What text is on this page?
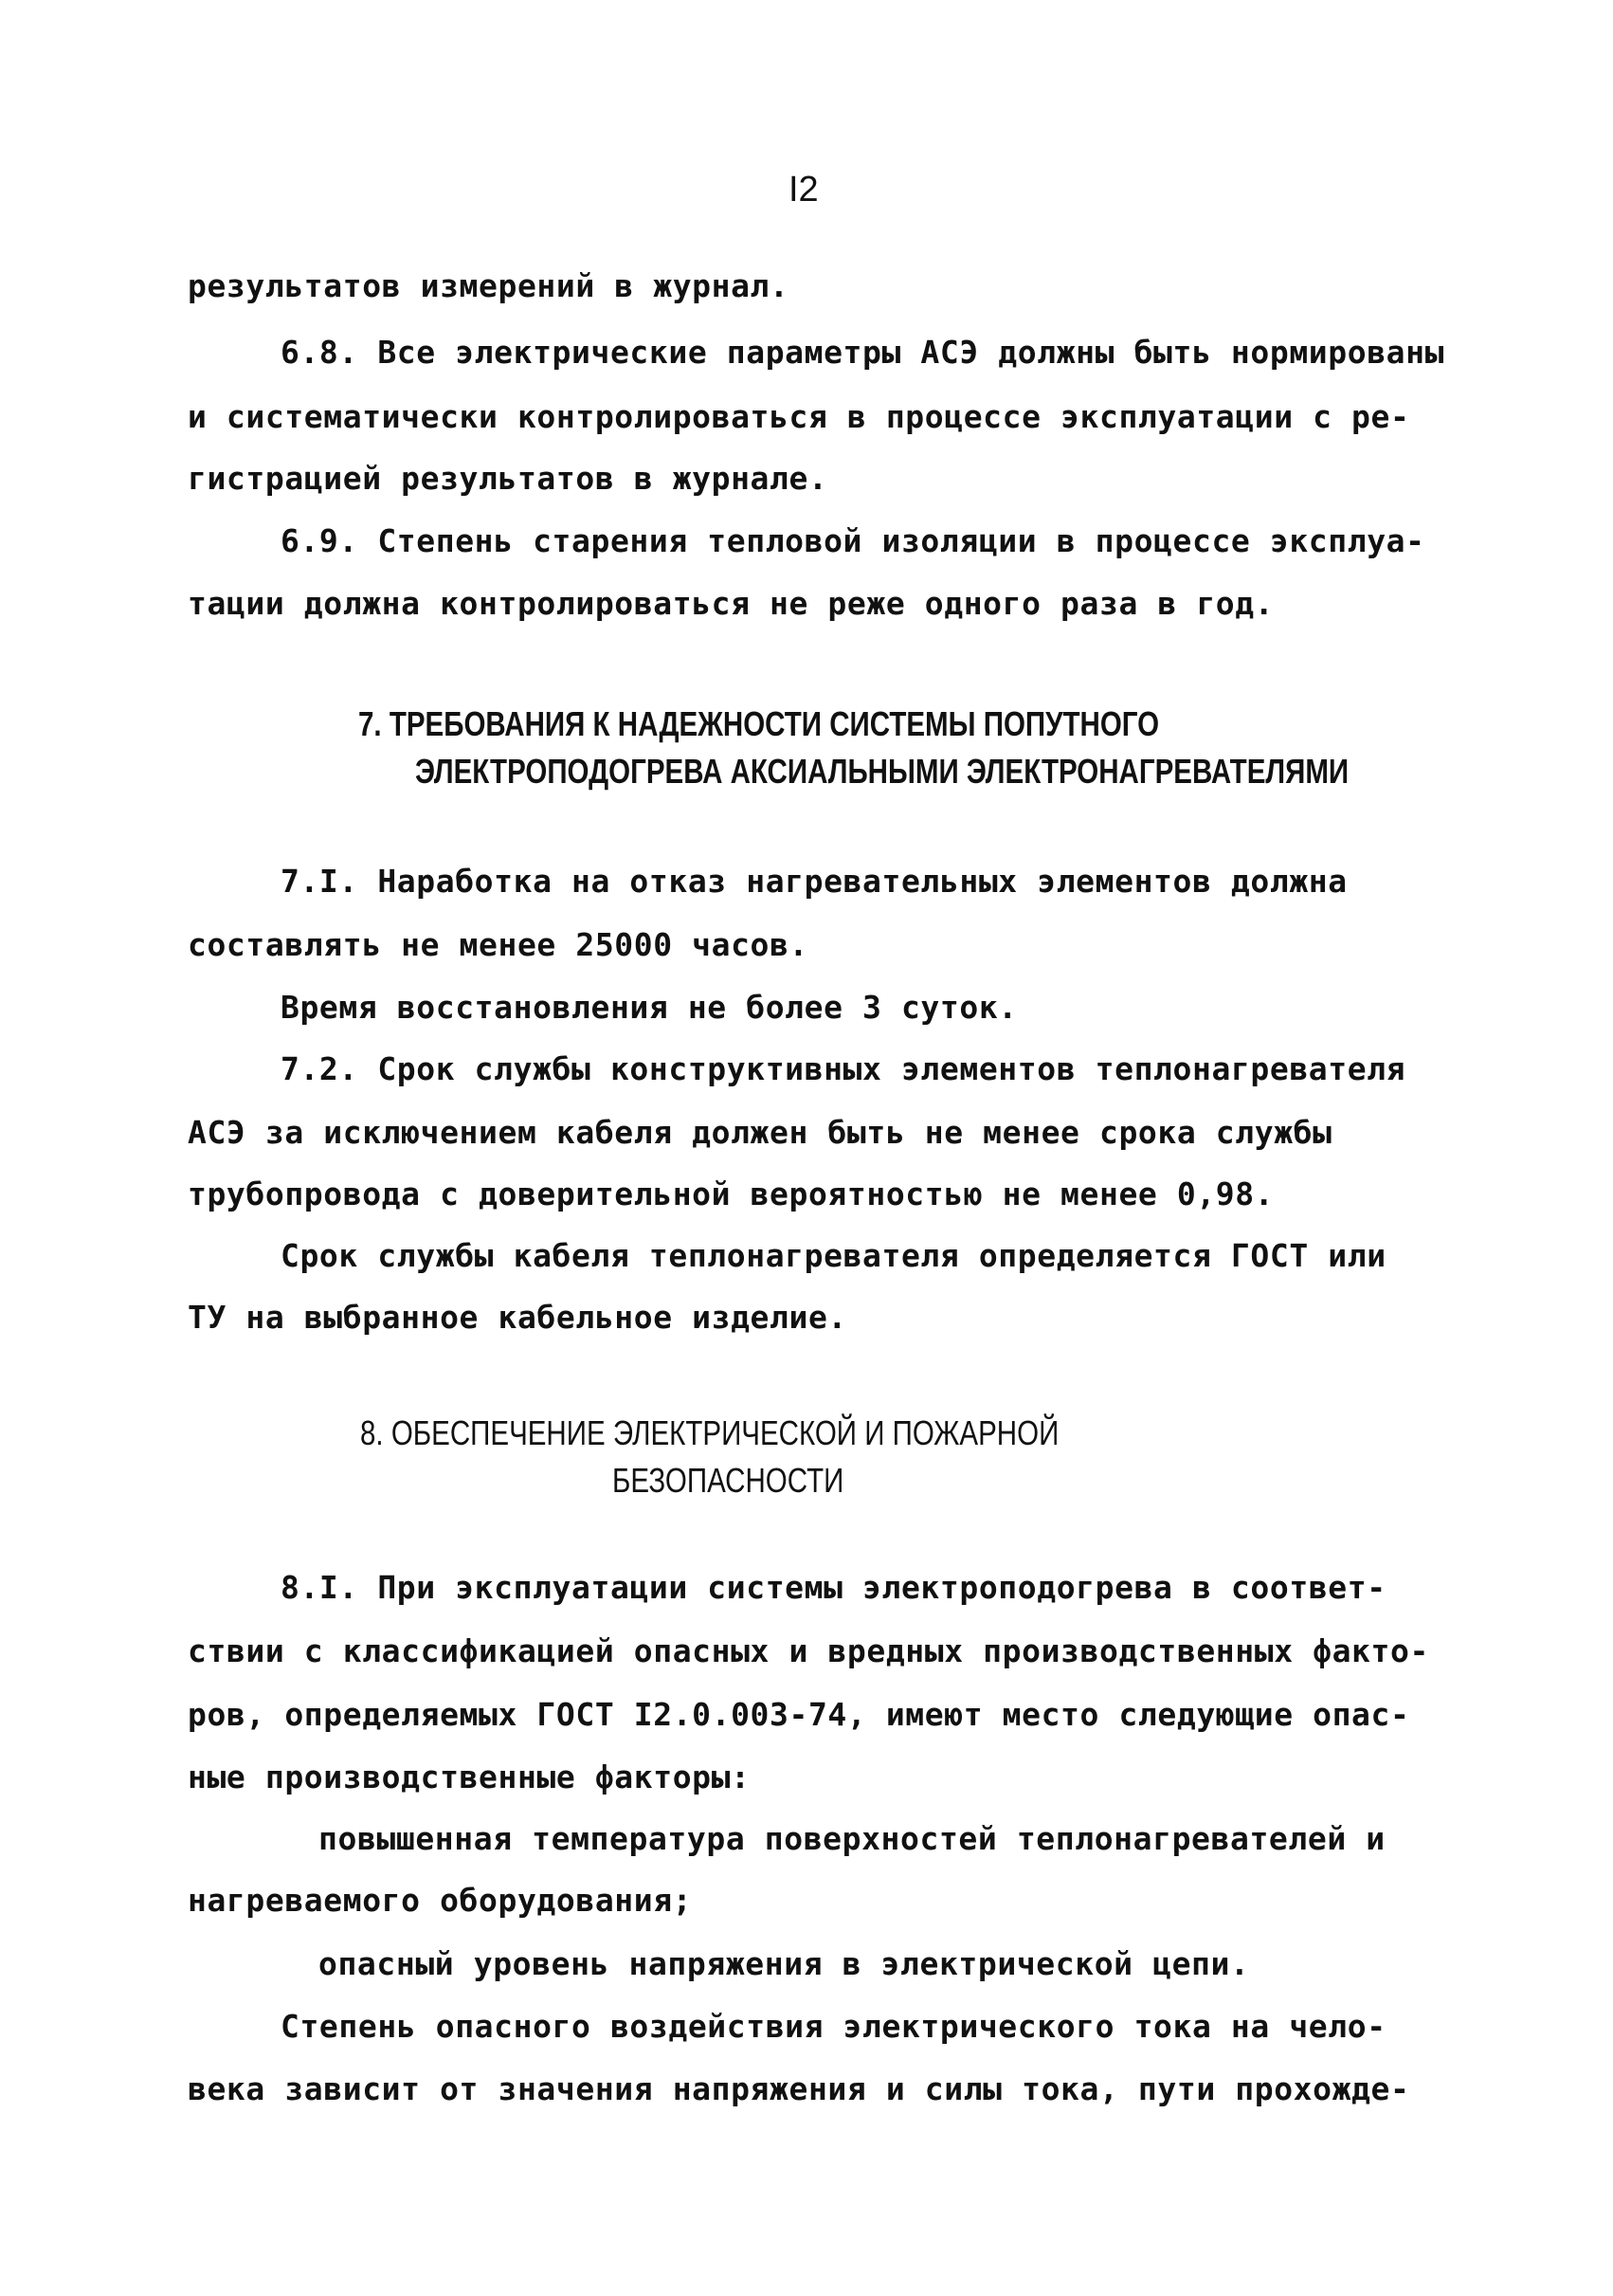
I2
результатов измерений в журнал.
6.8. Все электрические параметры АСЭ должны быть нормированы
и систематически контролироваться в процессе эксплуатации с ре-
гистрацией результатов в журнале.
6.9. Степень старения тепловой изоляции в процессе эксплуа-
тации должна контролироваться не реже одного раза в год.
7. ТРЕБОВАНИЯ К НАДЕЖНОСТИ СИСТЕМЫ ПОПУТНОГО
ЭЛЕКТРОПОДОГРЕВА АКСИАЛЬНЫМИ ЭЛЕКТРОНАГРЕВАТЕЛЯМИ
7.I. Наработка на отказ нагревательных элементов должна
составлять не менее 25000 часов.
Время восстановления не более 3 суток.
7.2. Срок службы конструктивных элементов теплонагревателя
АСЭ за исключением кабеля должен быть не менее срока службы
трубопровода с доверительной вероятностью не менее 0,98.
Срок службы кабеля теплонагревателя определяется ГОСТ или
ТУ на выбранное кабельное изделие.
8. ОБЕСПЕЧЕНИЕ ЭЛЕКТРИЧЕСКОЙ И ПОЖАРНОЙ
БЕЗОПАСНОСТИ
8.I. При эксплуатации системы электроподогрева в соответ-
ствии с классификацией опасных и вредных производственных факто-
ров, определяемых ГОСТ I2.0.003-74, имеют место следующие опас-
ные производственные факторы:
повышенная температура поверхностей теплонагревателей и
нагреваемого оборудования;
опасный уровень напряжения в электрической цепи.
Степень опасного воздействия электрического тока на чело-
века зависит от значения напряжения и силы тока, пути прохожде-
